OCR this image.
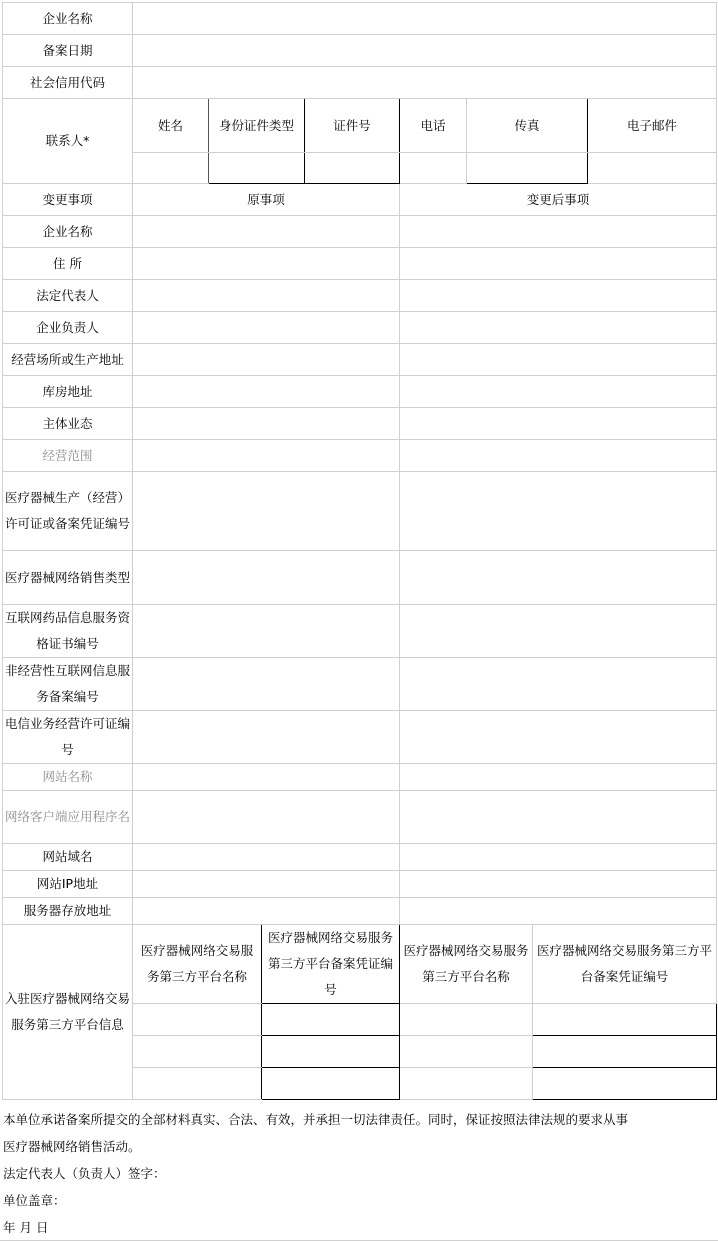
企业名称								
备案日期								
社会信用代码								
联系人*	姓名	身份证件类型		证件号	电话	传真		电子邮件

变更事项	原事项				变更后事项			
企业名称								
住 所								
法定代表人								
企业负责人								
经营场所或生产地址								
库房地址								
主体业态								
经营范围								
医疗器械生产（经营）许可证或备案凭证编号								
医疗器械网络销售类型								
互联网药品信息服务资格证书编号								
非经营性互联网信息服务备案编号								
电信业务经营许可证编号								
网站名称								
网络客户端应用程序名								
网站域名								
网站IP地址								
服务器存放地址								
入驻医疗器械网络交易服务第三方平台信息	医疗器械网络交易服务第三方平台名称		医疗器械网络交易服务第三方平台备案凭证编号		医疗器械网络交易服务第三方平台名称		医疗器械网络交易服务第三方平台备案凭证编号	

本单位承诺备案所提交的全部材料真实、合法、有效，并承担一切法律责任。同时，保证按照法律法规的要求从事
医疗器械网络销售活动。
法定代表人（负责人）签字：
单位盖章：
年 月 日
